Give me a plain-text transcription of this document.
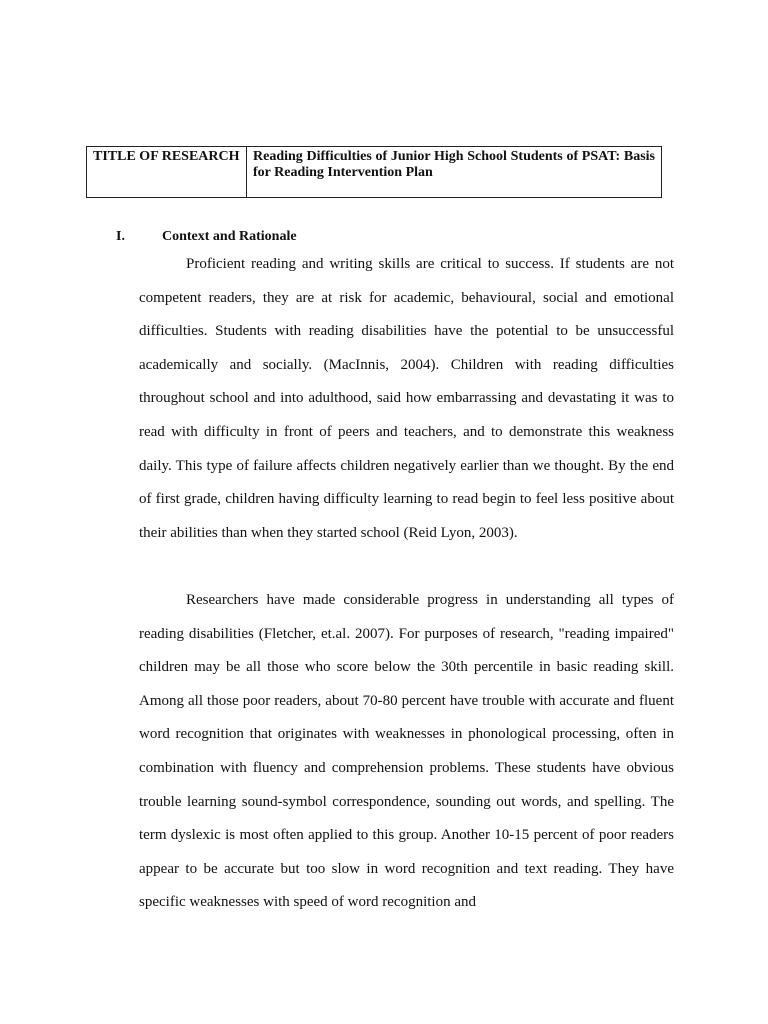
TITLE OF RESEARCH	Reading Difficulties of Junior High School Students of PSAT: Basis for Reading Intervention Plan
I.	Context and Rationale

Proficient reading and writing skills are critical to success. If students are not competent readers, they are at risk for academic, behavioural, social and emotional difficulties. Students with reading disabilities have the potential to be unsuccessful academically and socially. (MacInnis, 2004). Children with reading difficulties throughout school and into adulthood, said how embarrassing and devastating it was to read with difficulty in front of peers and teachers, and to demonstrate this weakness daily. This type of failure affects children negatively earlier than we thought. By the end of first grade, children having difficulty learning to read begin to feel less positive about their abilities than when they started school (Reid Lyon, 2003).

Researchers have made considerable progress in understanding all types of reading disabilities (Fletcher, et.al. 2007). For purposes of research, "reading impaired" children may be all those who score below the 30th percentile in basic reading skill. Among all those poor readers, about 70-80 percent have trouble with accurate and fluent word recognition that originates with weaknesses in phonological processing, often in combination with fluency and comprehension problems. These students have obvious trouble learning sound-symbol correspondence, sounding out words, and spelling. The term dyslexic is most often applied to this group. Another 10-15 percent of poor readers appear to be accurate but too slow in word recognition and text reading. They have specific weaknesses with speed of word recognition and
